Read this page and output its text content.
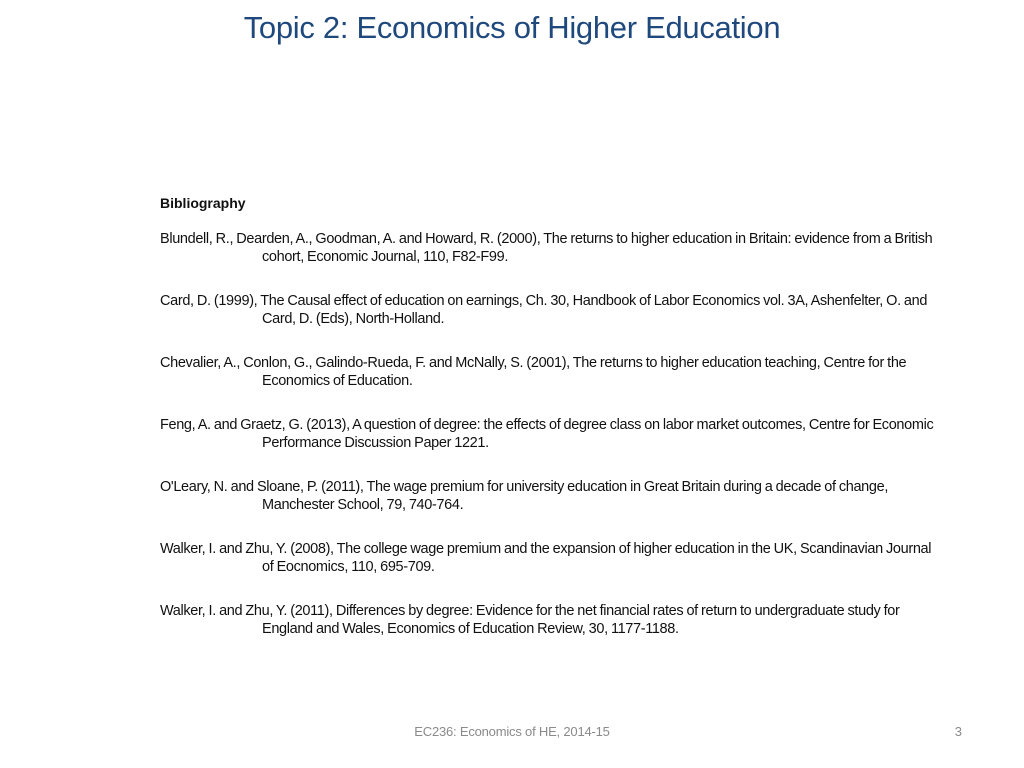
Topic 2: Economics of Higher Education
Bibliography
Blundell, R., Dearden, A., Goodman, A. and Howard, R. (2000), The returns to higher education in Britain: evidence from a British cohort, Economic Journal, 110, F82-F99.
Card, D. (1999), The Causal effect of education on earnings, Ch. 30, Handbook of Labor Economics vol. 3A, Ashenfelter, O. and Card, D. (Eds), North-Holland.
Chevalier, A., Conlon, G., Galindo-Rueda, F. and McNally, S. (2001), The returns to higher education teaching, Centre for the Economics of Education.
Feng, A. and Graetz, G. (2013), A question of degree: the effects of degree class on labor market outcomes, Centre for Economic Performance Discussion Paper 1221.
O'Leary, N. and Sloane, P. (2011), The wage premium for university education in Great Britain during a decade of change, Manchester School, 79, 740-764.
Walker, I. and Zhu, Y. (2008), The college wage premium and the expansion of higher education in the UK, Scandinavian Journal of Eocnomics, 110, 695-709.
Walker, I. and Zhu, Y. (2011), Differences by degree: Evidence for the net financial rates of return to undergraduate study for England and Wales, Economics of Education Review, 30, 1177-1188.
EC236: Economics of HE, 2014-15	3
